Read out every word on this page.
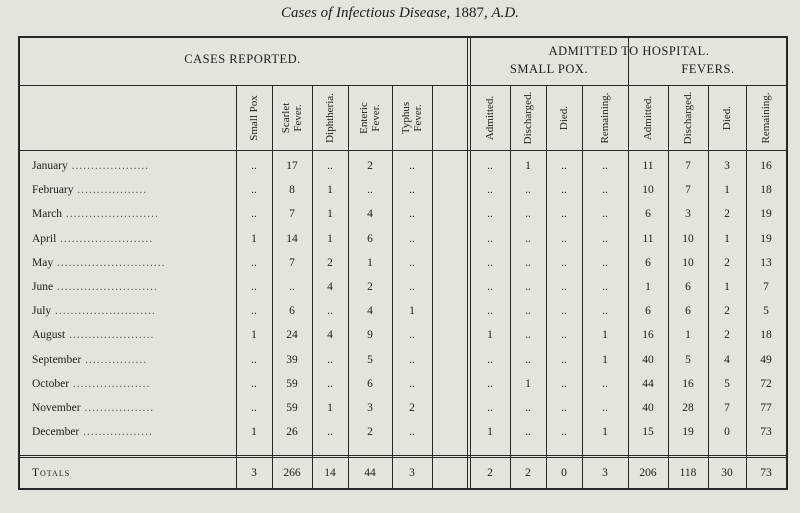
Cases of Infectious Disease, 1887, A.D.
CASES REPORTED.
ADMITTED TO HOSPITAL.
SMALL POX.	FEVERS.
Small Pox	Scarlet Fever.	Diphtheria.	Enteric Fever.	Typhus Fever.	Admitted.	Discharged.	Died.	Remaining.	Admitted.	Discharged.	Died.	Remaining.
January ....................	..	17	..	2	..	..	1	..	..	11	7	3	16
February ..................	..	8	1	..	..	..	..	..	..	10	7	1	18
March ........................	..	7	1	4	..	..	..	..	..	6	3	2	19
April ........................	1	14	1	6	..	..	..	..	..	11	10	1	19
May ............................	..	7	2	1	..	..	..	..	..	6	10	2	13
June ..........................	..	..	4	2	..	..	..	..	..	1	6	1	7
July ..........................	..	6	..	4	1	..	..	..	..	6	6	2	5
August ......................	1	24	4	9	..	1	..	..	1	16	1	2	18
September ................	..	39	..	5	..	..	..	..	1	40	5	4	49
October ....................	..	59	..	6	..	..	1	..	..	44	16	5	72
November ..................	..	59	1	3	2	..	..	..	..	40	28	7	77
December ..................	1	26	..	2	..	1	..	..	1	15	19	0	73
Totals	3	266	14	44	3	2	2	0	3	206	118	30	73
